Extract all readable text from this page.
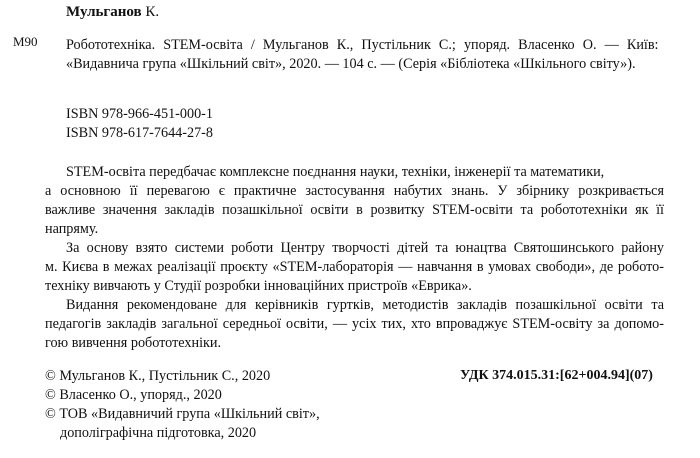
Мульганов К.
М90 Робототехніка. STEM-освіта / Мульганов К., Пустільник С.; упоряд. Власенко О. — Київ:
«Видавнича група «Шкільний світ», 2020. — 104 с. — (Серія «Бібліотека «Шкільного світу»).
ISBN 978-966-451-000-1
ISBN 978-617-7644-27-8
STEM-освіта передбачає комплексне поєднання науки, техніки, інженерії та математики,
а основною її перевагою є практичне застосування набутих знань. У збірнику розкривається
важливе значення закладів позашкільної освіти в розвитку STEM-освіти та робототехніки як її
напряму.
За основу взято системи роботи Центру творчості дітей та юнацтва Святошинського району
м. Києва в межах реалізації проєкту «STEM-лабораторія — навчання в умовах свободи», де робото-
техніку вивчають у Студії розробки інноваційних пристроїв «Еврика».
Видання рекомендоване для керівників гуртків, методистів закладів позашкільної освіти та
педагогів закладів загальної середньої освіти, — усіх тих, хто впроваджує STEM-освіту за допомо-
гою вивчення робототехніки.
© Мульганов К., Пустільник С., 2020
© Власенко О., упоряд., 2020
© ТОВ «Видавничий група «Шкільний світ»,
дополіграфічна підготовка, 2020
УДК 374.015.31:[62+004.94](07)
